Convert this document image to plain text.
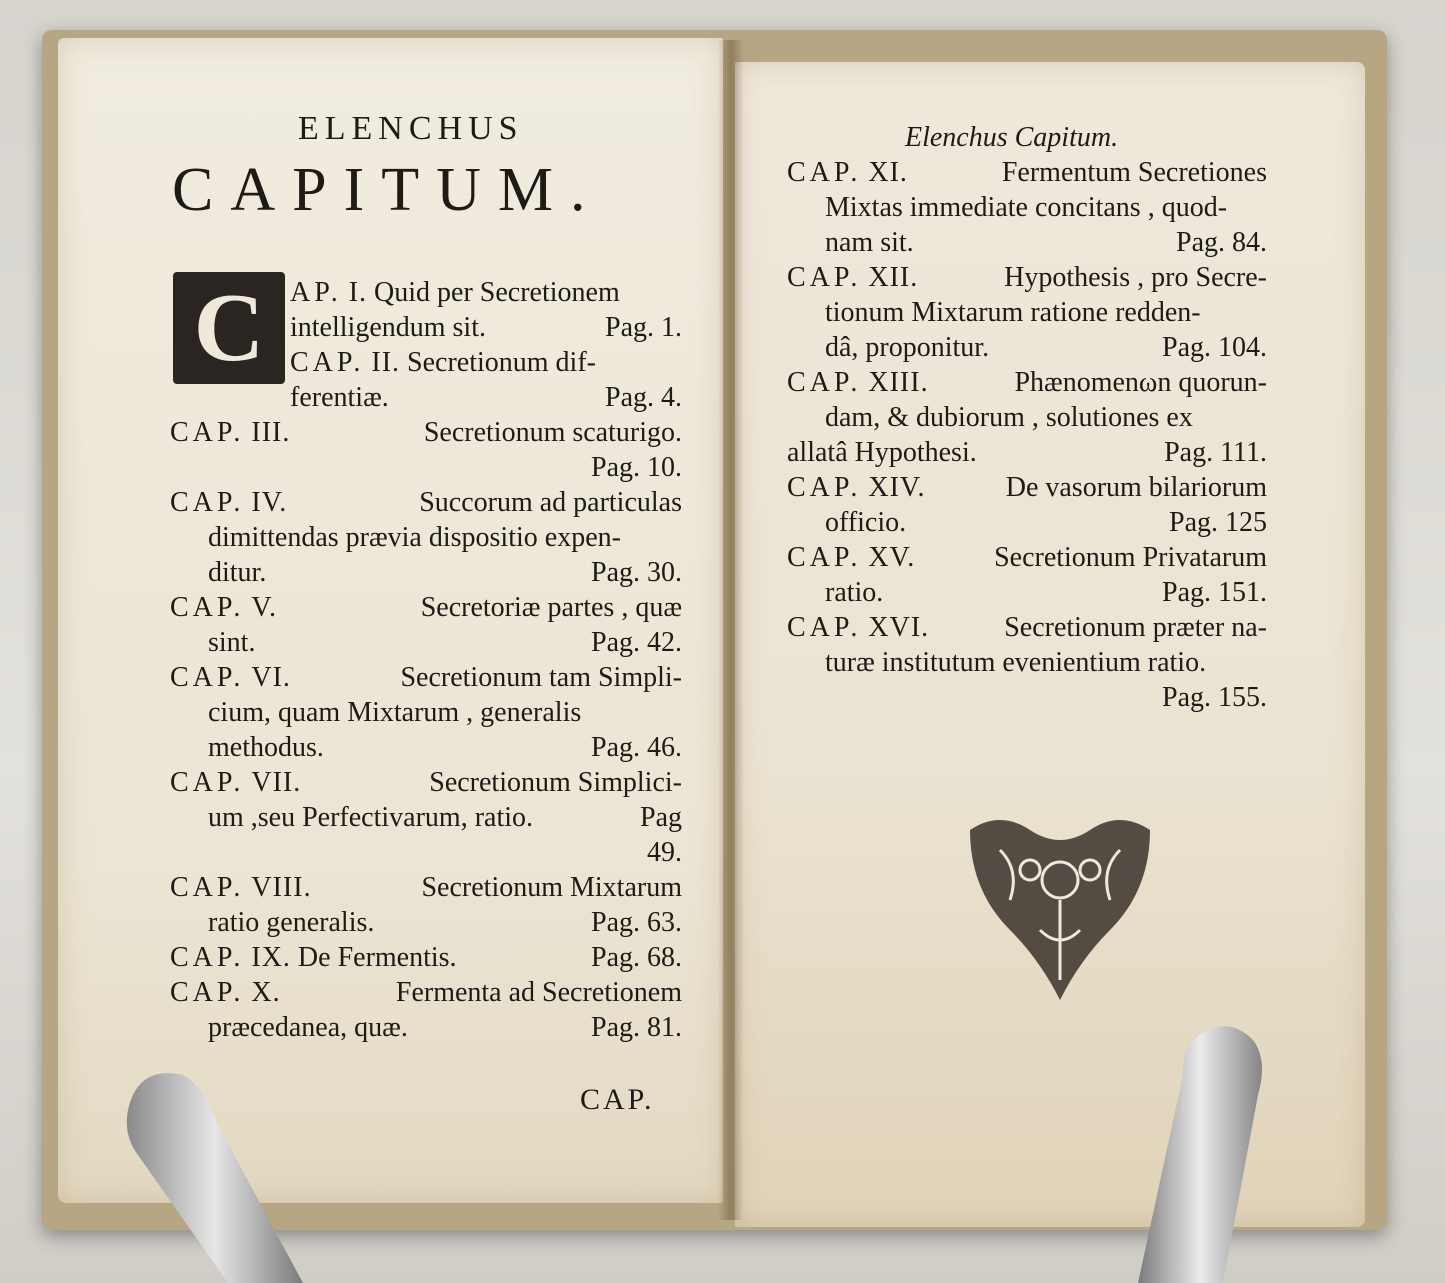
ELENCHUS
CAPITUM.
C AP. I. Quid per Secretionem
intelligendum sit.	Pag. 1.
CAP. II. Secretionum dif-
ferentiæ.	Pag. 4.
CAP. III.	Secretionum scaturigo.
Pag. 10.
CAP. IV.	Succorum ad particulas
dimittendas prævia dispositio expen-
ditur.	Pag. 30.
CAP. V.	Secretoriæ partes , quæ
sint.	Pag. 42.
CAP. VI.	Secretionum tam Simpli-
cium, quam Mixtarum , generalis
methodus.	Pag. 46.
CAP. VII.	Secretionum Simplici-
um ,seu Perfectivarum, ratio.	Pag
49.
CAP. VIII.	Secretionum Mixtarum
ratio generalis.	Pag. 63.
CAP. IX. De Fermentis.	Pag. 68.
CAP. X.	Fermenta ad Secretionem
præcedanea, quæ.	Pag. 81.
CAP.
Elenchus Capitum.
CAP. XI.	Fermentum Secretiones
Mixtas immediate concitans , quod-
nam sit.	Pag. 84.
CAP. XII.	Hypothesis , pro Secre-
tionum Mixtarum ratione redden-
dâ, proponitur.	Pag. 104.
CAP. XIII.	Phænomenωn quorun-
dam, & dubiorum , solutiones ex
allatâ Hypothesi.	Pag. 111.
CAP. XIV.	De vasorum bilariorum
officio.	Pag. 125
CAP. XV.	Secretionum Privatarum
ratio.	Pag. 151.
CAP. XVI.	Secretionum præter na-
turæ institutum evenientium ratio.
Pag. 155.
